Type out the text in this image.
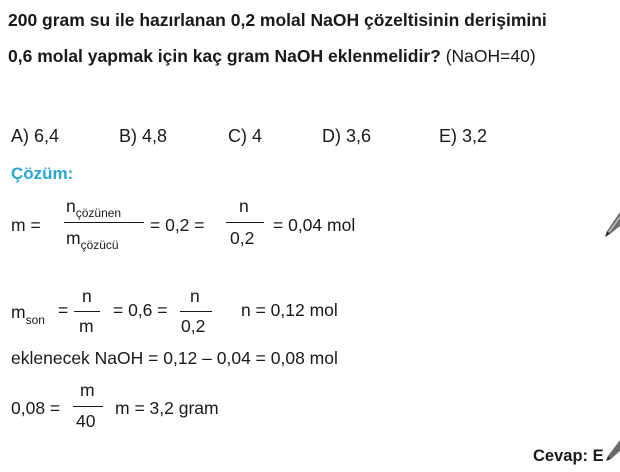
200 gram su ile hazırlanan 0,2 molal NaOH çözeltisinin derişimini
0,6 molal yapmak için kaç gram NaOH eklenmelidir? (NaOH=40)
A) 6,4	B) 4,8	C) 4	D) 3,6	E) 3,2
Çözüm:
m =
$n_{çözünen}$
$m_{çözücü}$
= 0,2 =
n
0,2
= 0,04 mol
$m_{son}$ =
n
m
= 0,6 =
n
0,2
n = 0,12 mol
eklenecek NaOH = 0,12 – 0,04 = 0,08 mol
0,08 =
m
40
m = 3,2 gram
Cevap: E
